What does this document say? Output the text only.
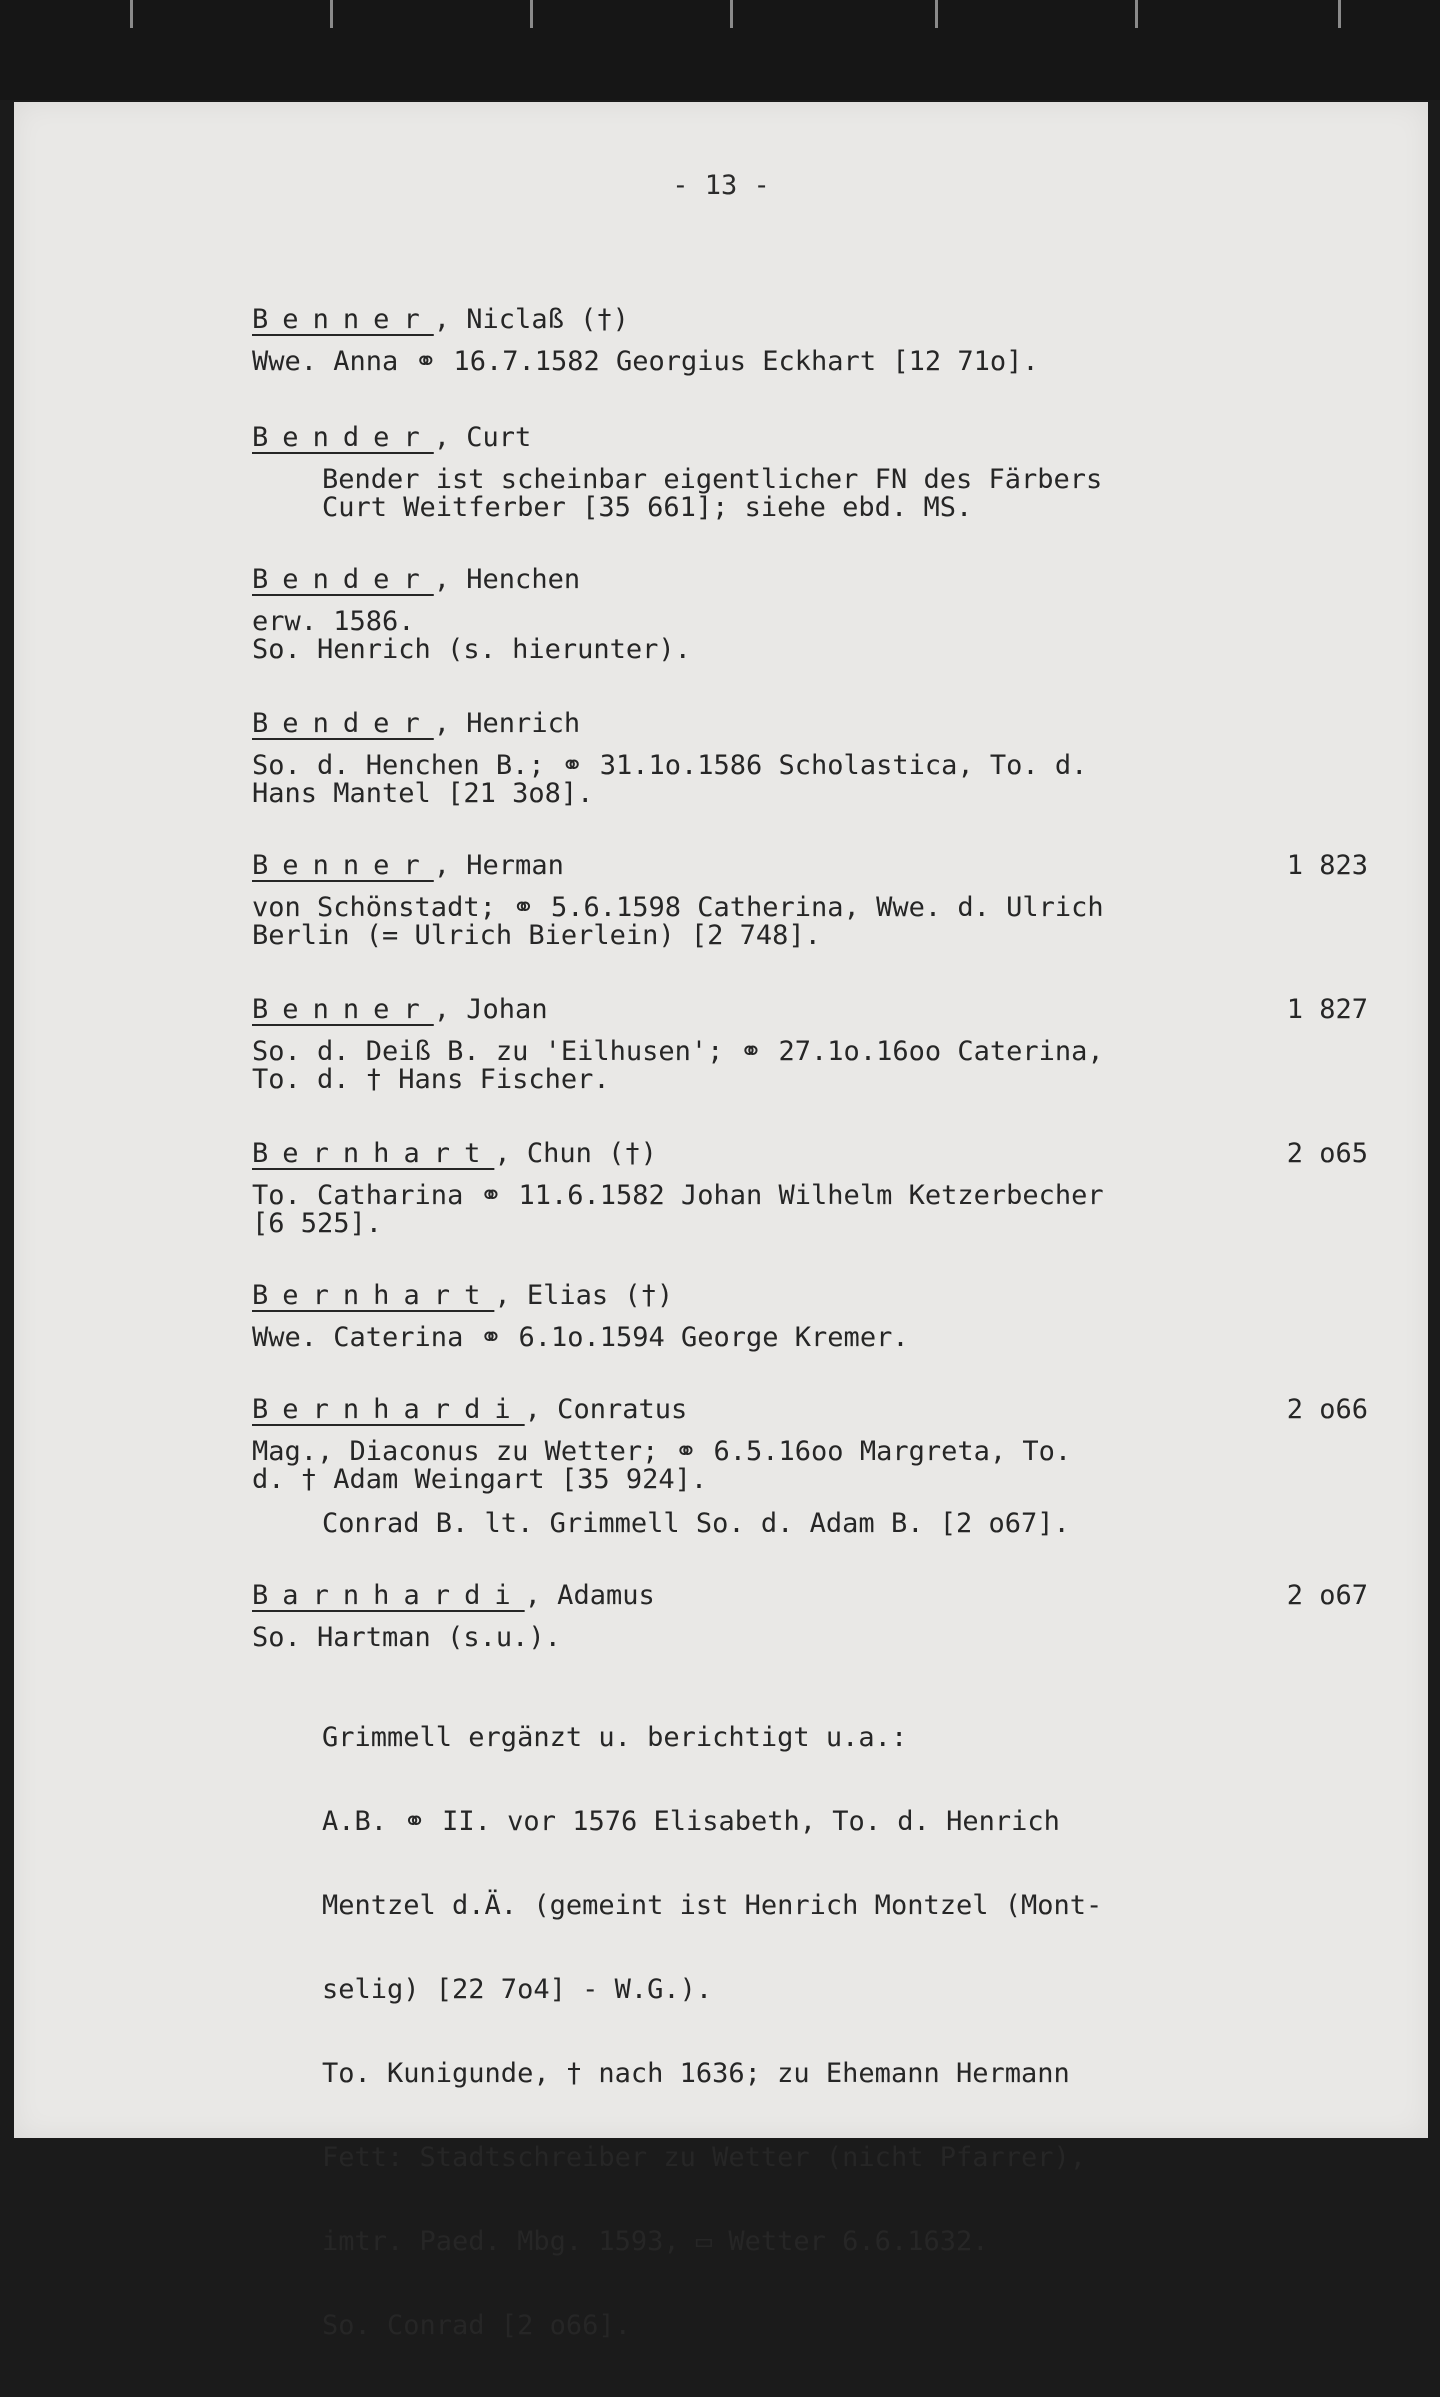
- 13 -
Benner, Niclaß (†)
Wwe. Anna ⚭ 16.7.1582 Georgius Eckhart [12 71o].
Bender, Curt
Bender ist scheinbar eigentlicher FN des Färbers
Curt Weitferber [35 661]; siehe ebd. MS.
Bender, Henchen
erw. 1586.
So. Henrich (s. hierunter).
Bender, Henrich
So. d. Henchen B.; ⚭ 31.1o.1586 Scholastica, To. d.
Hans Mantel [21 3o8].
Benner, Herman
von Schönstadt; ⚭ 5.6.1598 Catherina, Wwe. d. Ulrich
Berlin (= Ulrich Bierlein) [2 748].
1 823
Benner, Johan
So. d. Deiß B. zu 'Eilhusen'; ⚭ 27.1o.16oo Caterina,
To. d. † Hans Fischer.
1 827
Bernhart, Chun (†)
To. Catharina ⚭ 11.6.1582 Johan Wilhelm Ketzerbecher
[6 525].
2 o65
Bernhart, Elias (†)
Wwe. Caterina ⚭ 6.1o.1594 George Kremer.
Bernhardi, Conratus
Mag., Diaconus zu Wetter; ⚭ 6.5.16oo Margreta, To.
d. † Adam Weingart [35 924].
Conrad B. lt. Grimmell So. d. Adam B. [2 o67].
2 o66
Barnhardi, Adamus
So. Hartman (s.u.).

Grimmell ergänzt u. berichtigt u.a.:

A.B. ⚭ II. vor 1576 Elisabeth, To. d. Henrich

Mentzel d.Ä. (gemeint ist Henrich Montzel (Mont-

selig) [22 7o4] - W.G.).

To. Kunigunde, † nach 1636; zu Ehemann Hermann

Fett: Stadtschreiber zu Wetter (nicht Pfarrer),

imtr. Paed. Mbg. 1593, ▭ Wetter 6.6.1632.

So. Conrad [2 o66].

2 o67
